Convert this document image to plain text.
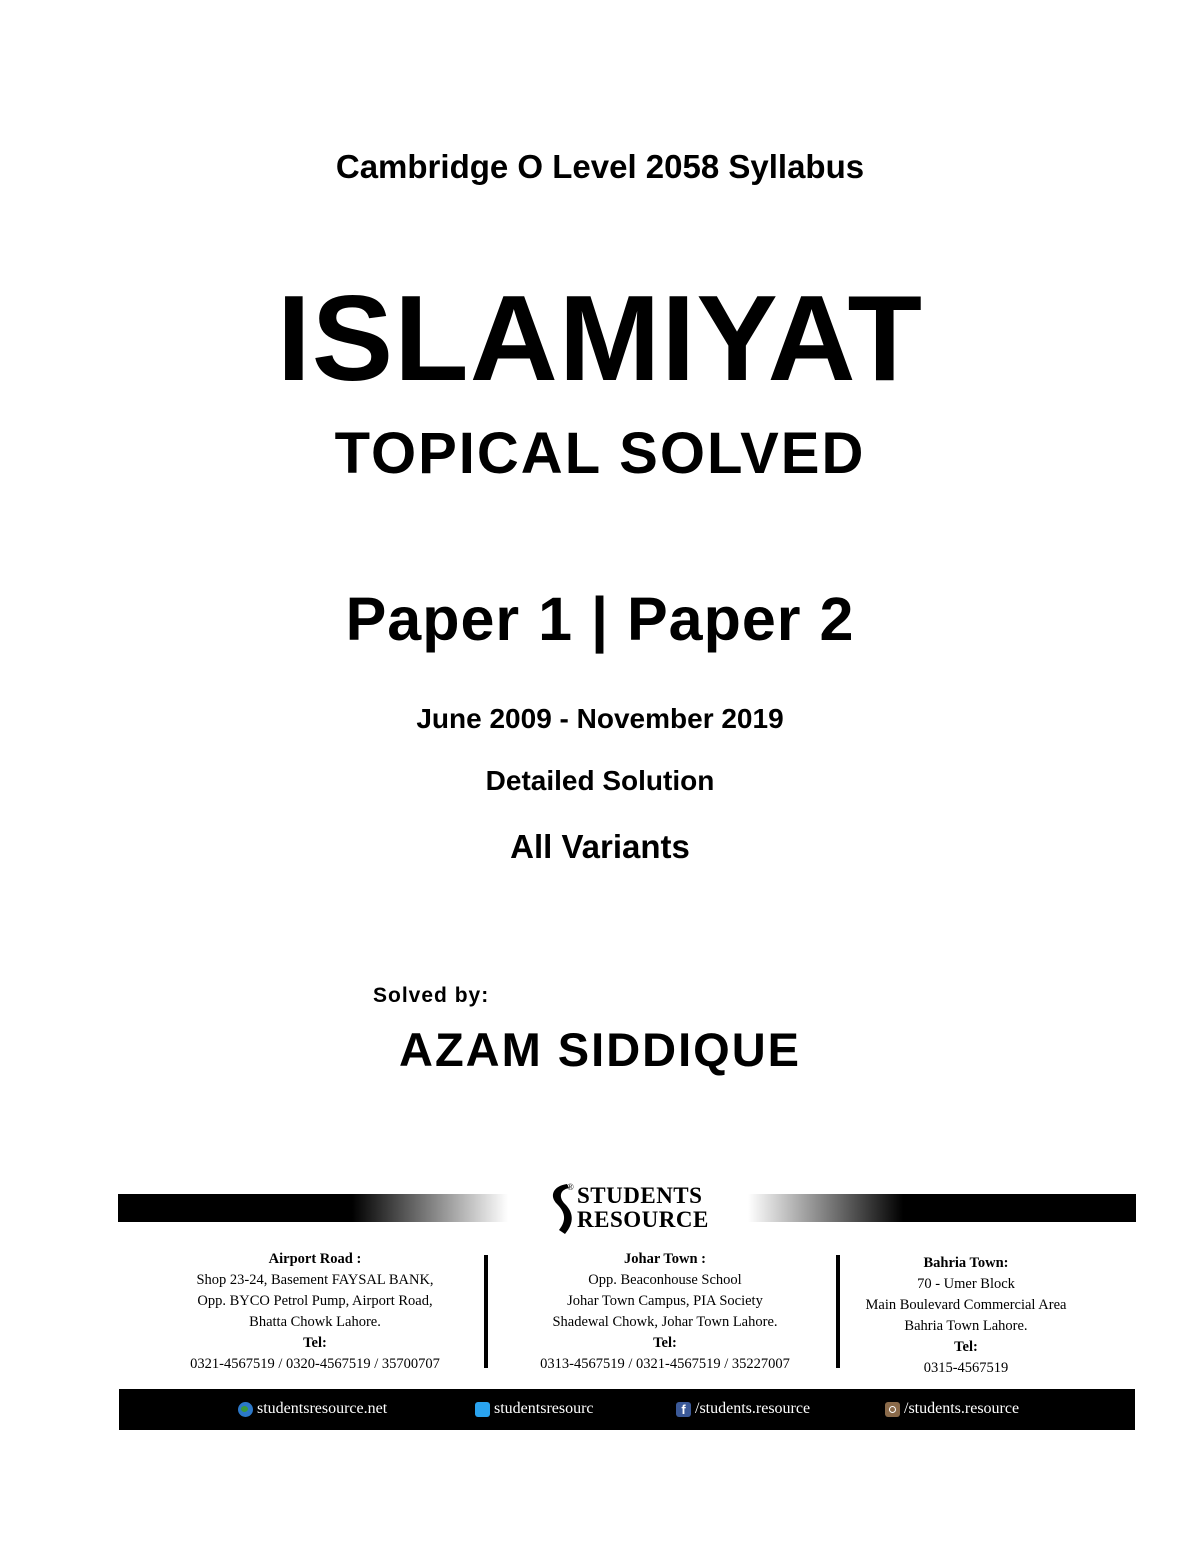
Cambridge O Level 2058 Syllabus
ISLAMIYAT
TOPICAL SOLVED
Paper 1 | Paper 2
June 2009 - November 2019
Detailed Solution
All Variants
Solved by:
AZAM SIDDIQUE
® STUDENTS
RESOURCE
Airport Road :
Shop 23-24, Basement FAYSAL BANK,
Opp. BYCO Petrol Pump, Airport Road,
Bhatta Chowk Lahore.
Tel:
0321-4567519 / 0320-4567519 / 35700707
Johar Town :
Opp. Beaconhouse School
Johar Town Campus, PIA Society
Shadewal Chowk, Johar Town Lahore.
Tel:
0313-4567519 / 0321-4567519 / 35227007
Bahria Town:
70 - Umer Block
Main Boulevard Commercial Area
Bahria Town Lahore.
Tel:
0315-4567519
studentsresource.net	studentsresourc	f /students.resource	/students.resource
